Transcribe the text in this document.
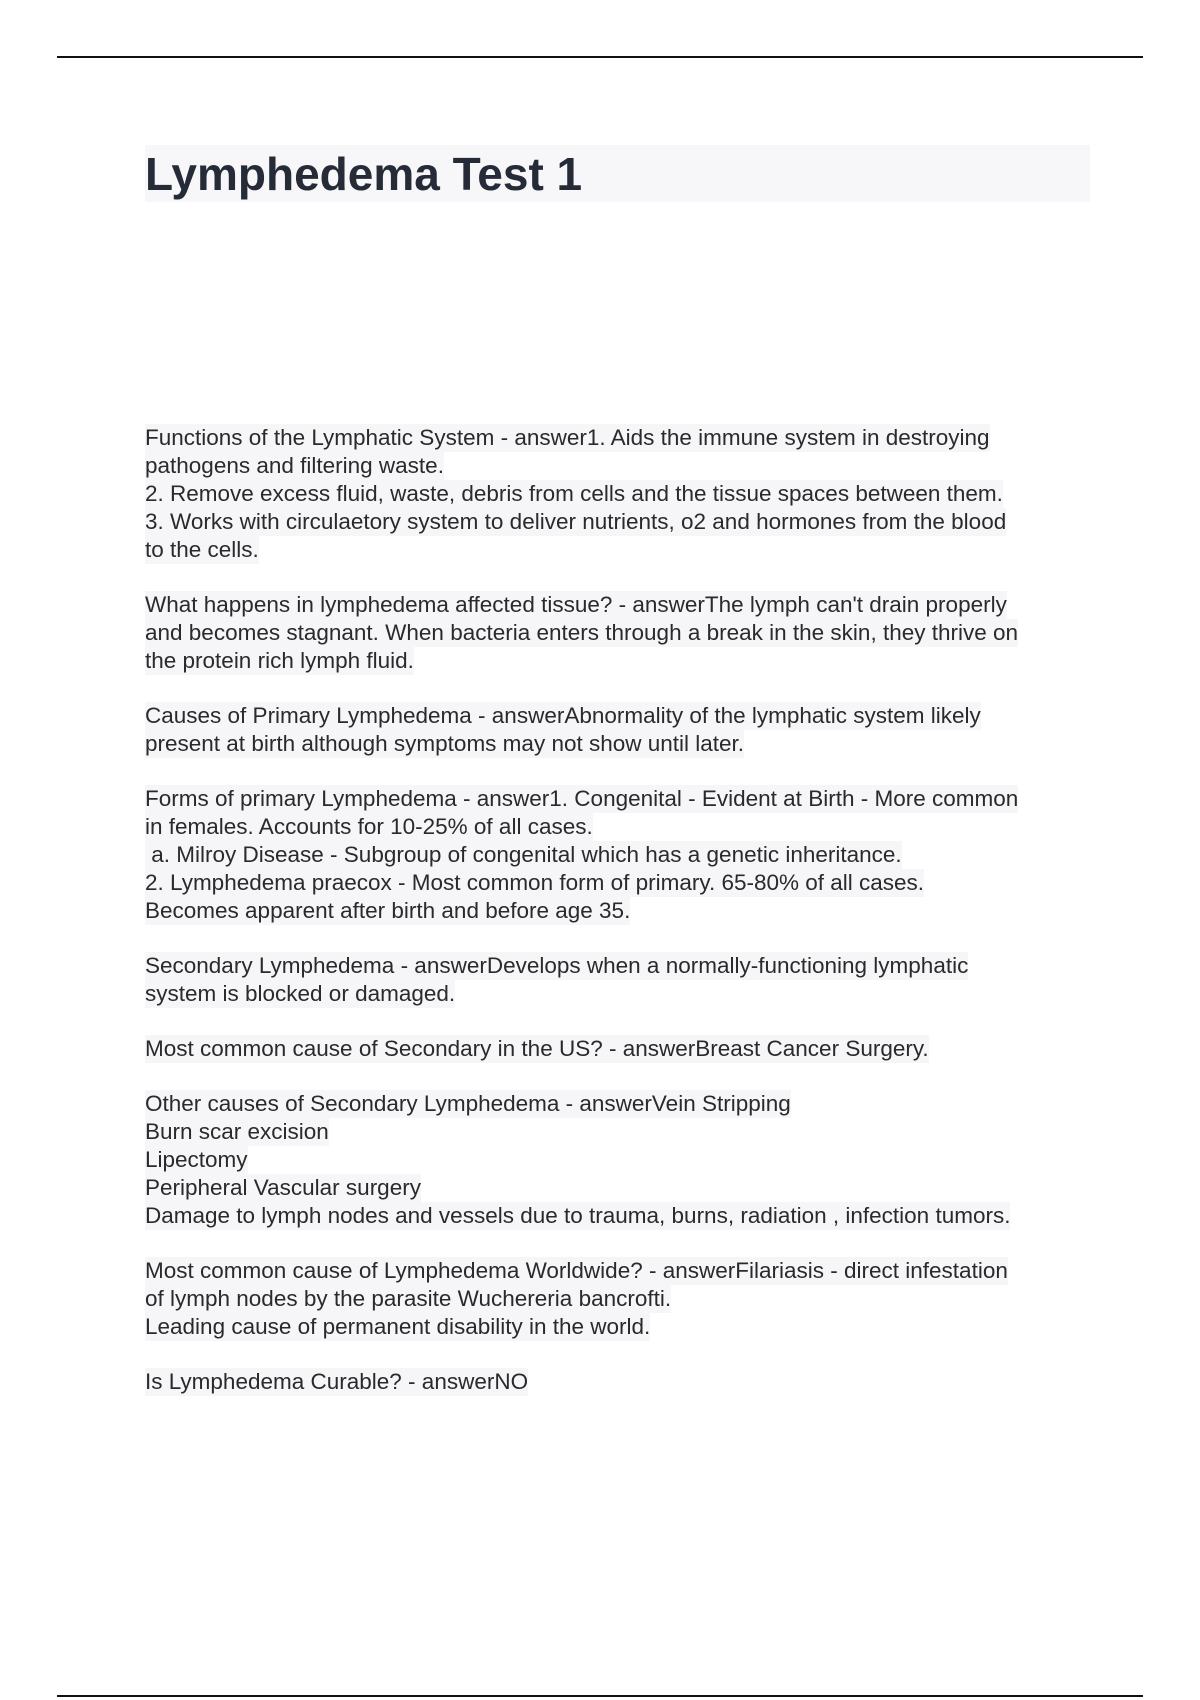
Lymphedema Test 1
Functions of the Lymphatic System - answer1. Aids the immune system in destroying
pathogens and filtering waste.
2. Remove excess fluid, waste, debris from cells and the tissue spaces between them.
3. Works with circulaetory system to deliver nutrients, o2 and hormones from the blood
to the cells.
What happens in lymphedema affected tissue? - answerThe lymph can't drain properly
and becomes stagnant. When bacteria enters through a break in the skin, they thrive on
the protein rich lymph fluid.
Causes of Primary Lymphedema - answerAbnormality of the lymphatic system likely
present at birth although symptoms may not show until later.
Forms of primary Lymphedema - answer1. Congenital - Evident at Birth - More common
in females. Accounts for 10-25% of all cases.
a. Milroy Disease - Subgroup of congenital which has a genetic inheritance.
2. Lymphedema praecox - Most common form of primary. 65-80% of all cases.
Becomes apparent after birth and before age 35.
Secondary Lymphedema - answerDevelops when a normally-functioning lymphatic
system is blocked or damaged.
Most common cause of Secondary in the US? - answerBreast Cancer Surgery.
Other causes of Secondary Lymphedema - answerVein Stripping
Burn scar excision
Lipectomy
Peripheral Vascular surgery
Damage to lymph nodes and vessels due to trauma, burns, radiation , infection tumors.
Most common cause of Lymphedema Worldwide? - answerFilariasis - direct infestation
of lymph nodes by the parasite Wuchereria bancrofti.
Leading cause of permanent disability in the world.
Is Lymphedema Curable? - answerNO
